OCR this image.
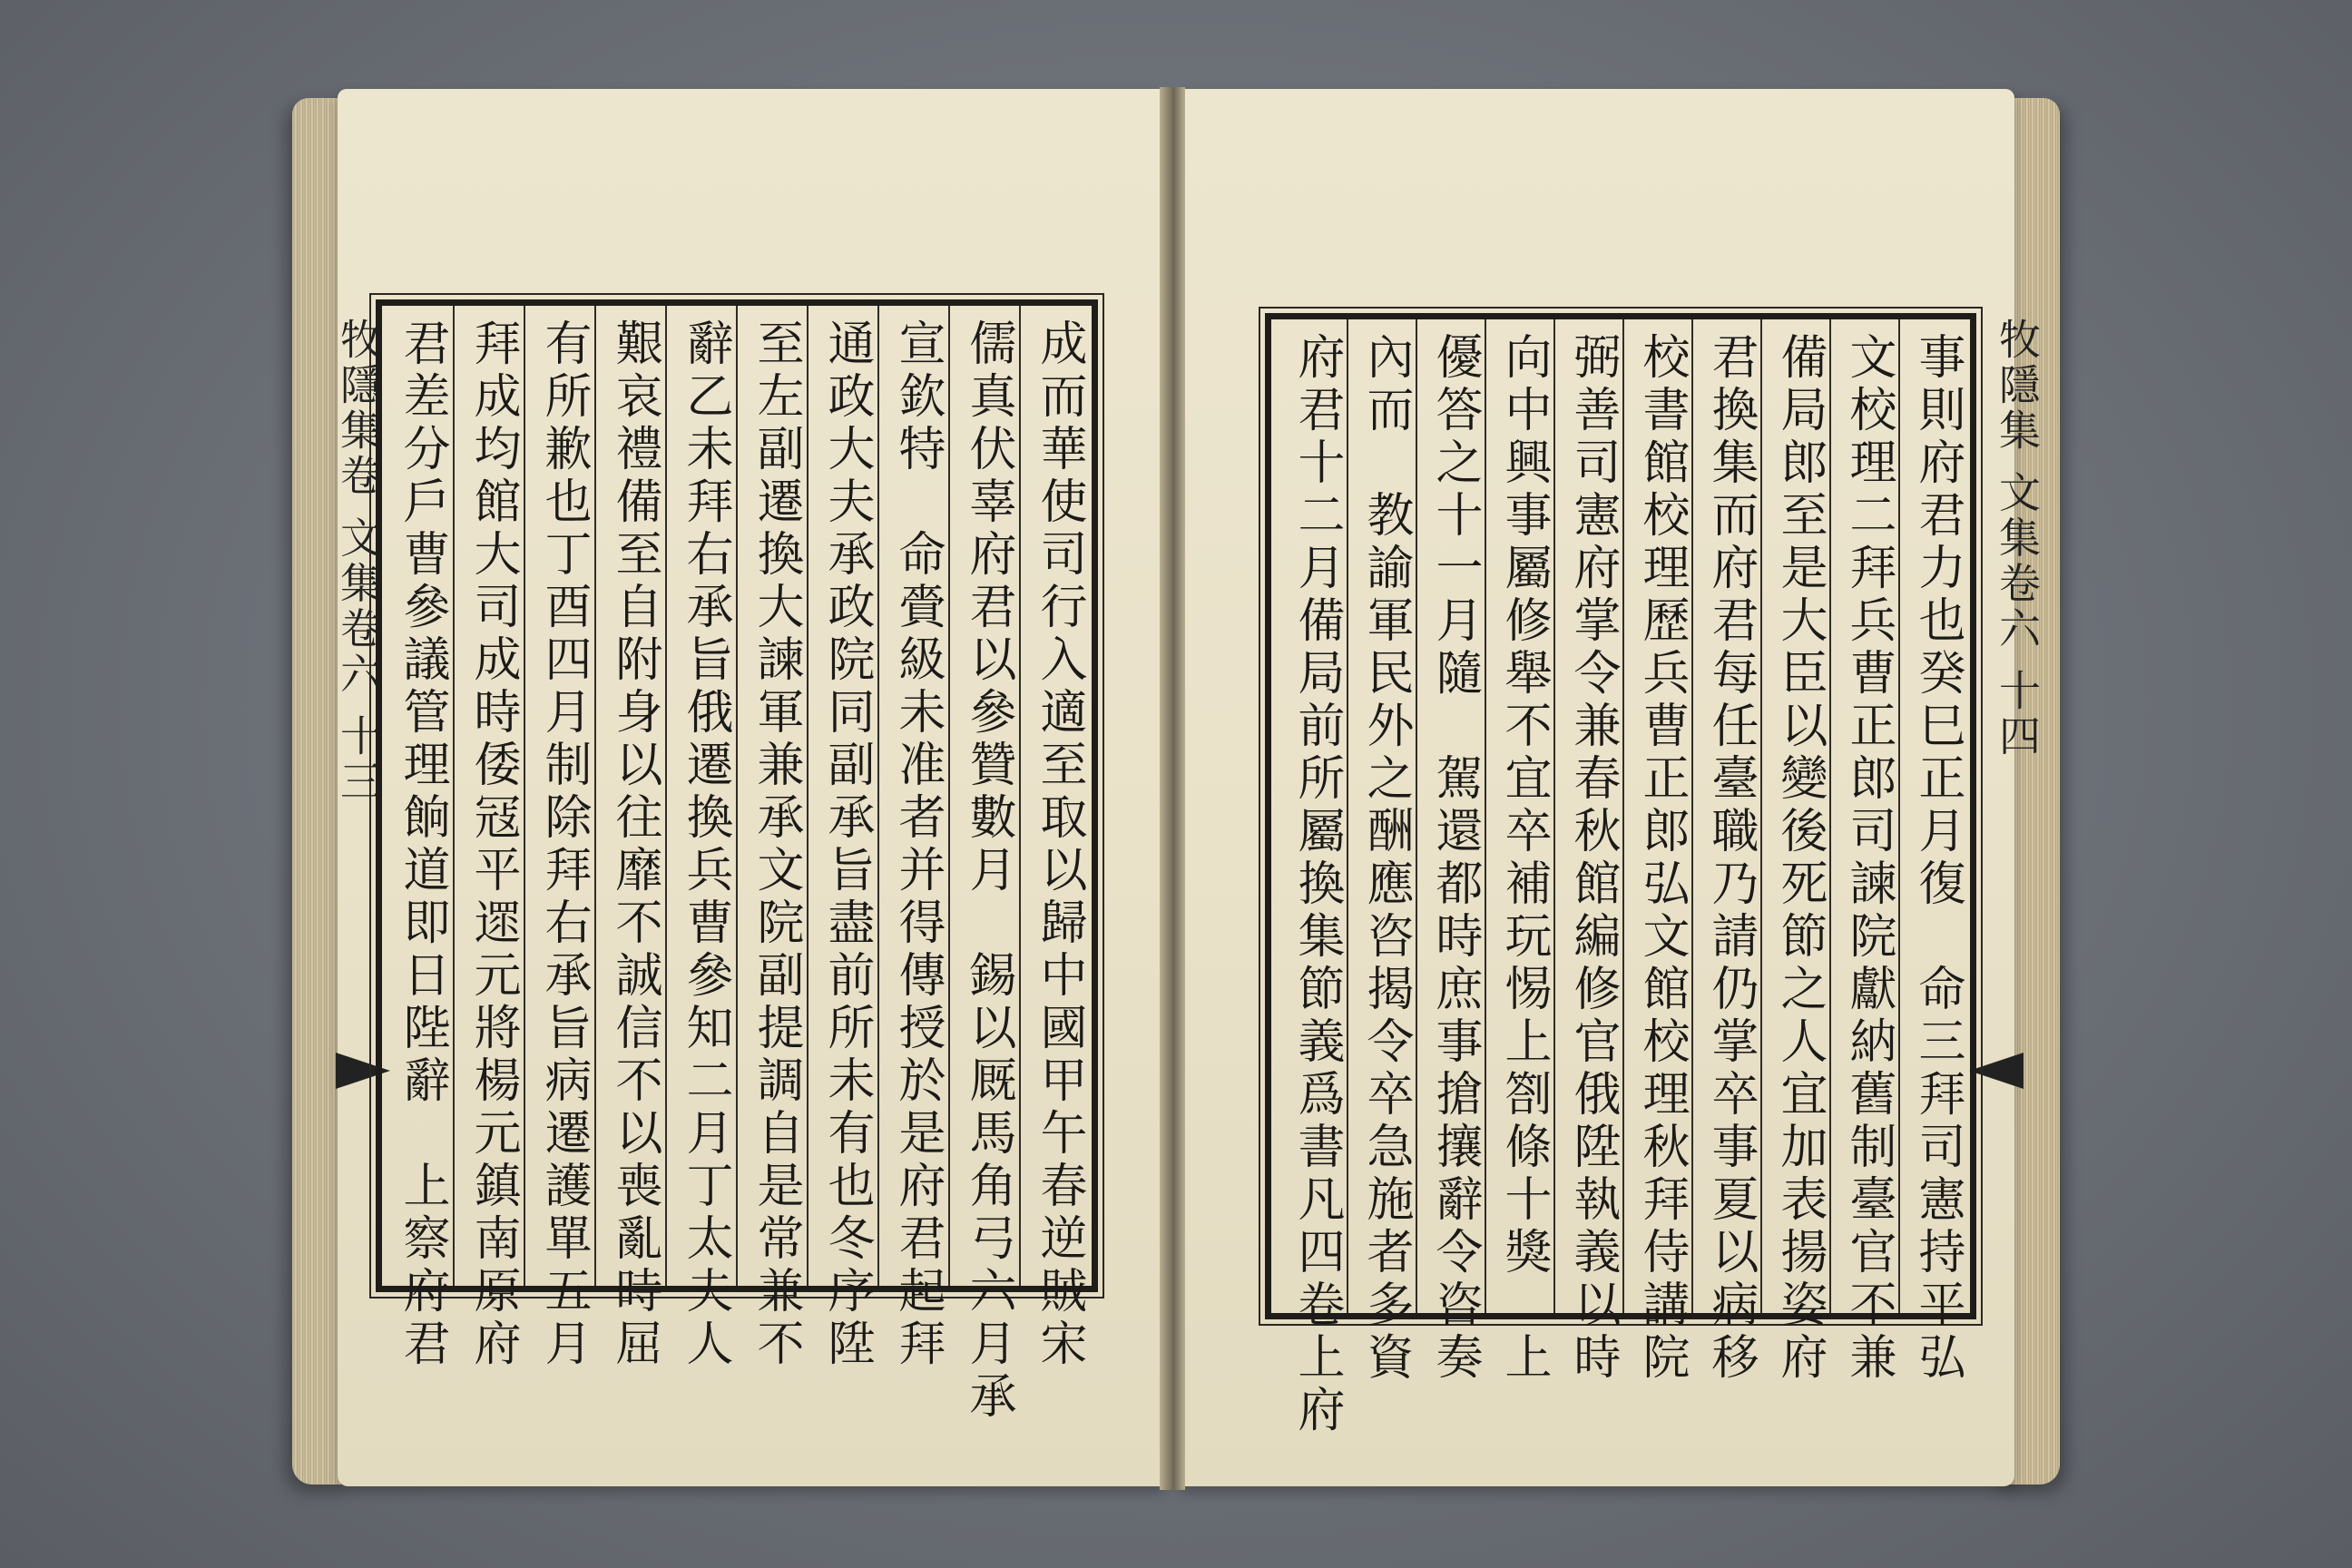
牧隱集卷 文集卷六 十三	牧隱集 文集卷六 十四
成而華使司行入適至取以歸中國甲午春逆賊宋
儒真伏辜府君以參贊數月　錫以厩馬角弓六月承
宣欽特　命賫級未准者并得傳授於是府君起拜
通政大夫承政院同副承旨盡前所未有也冬序陞
至左副遷換大諫軍兼承文院副提調自是常兼不
辭乙未拜右承旨俄遷換兵曹參知二月丁太夫人
艱哀禮備至自附身以往靡不誠信不以喪亂時屈
有所歉也丁酉四月制除拜右承旨病遷護單五月
拜成均館大司成時倭冦平遝元將楊元鎮南原府
君差分戶曹參議管理餉道即日陛辭　上察府君	事則府君力也癸巳正月復　命三拜司憲持平弘
文校理二拜兵曹正郎司諫院獻納舊制臺官不兼
備局郎至是大臣以變後死節之人宜加表揚姿府
君換集而府君每任臺職乃請仍掌卒事夏以病移
校書館校理歷兵曹正郎弘文館校理秋拜侍講院
弼善司憲府掌令兼春秋館編修官俄陞執義以時
向中興事屬修舉不宜卒補玩惕上劄條十獎　上
優答之十一月隨　駕還都時庶事搶攘辭令咨奏
內而　教諭軍民外之酬應咨揭令卒急施者多資
府君十二月備局前所屬換集節義爲書凡四卷上府
